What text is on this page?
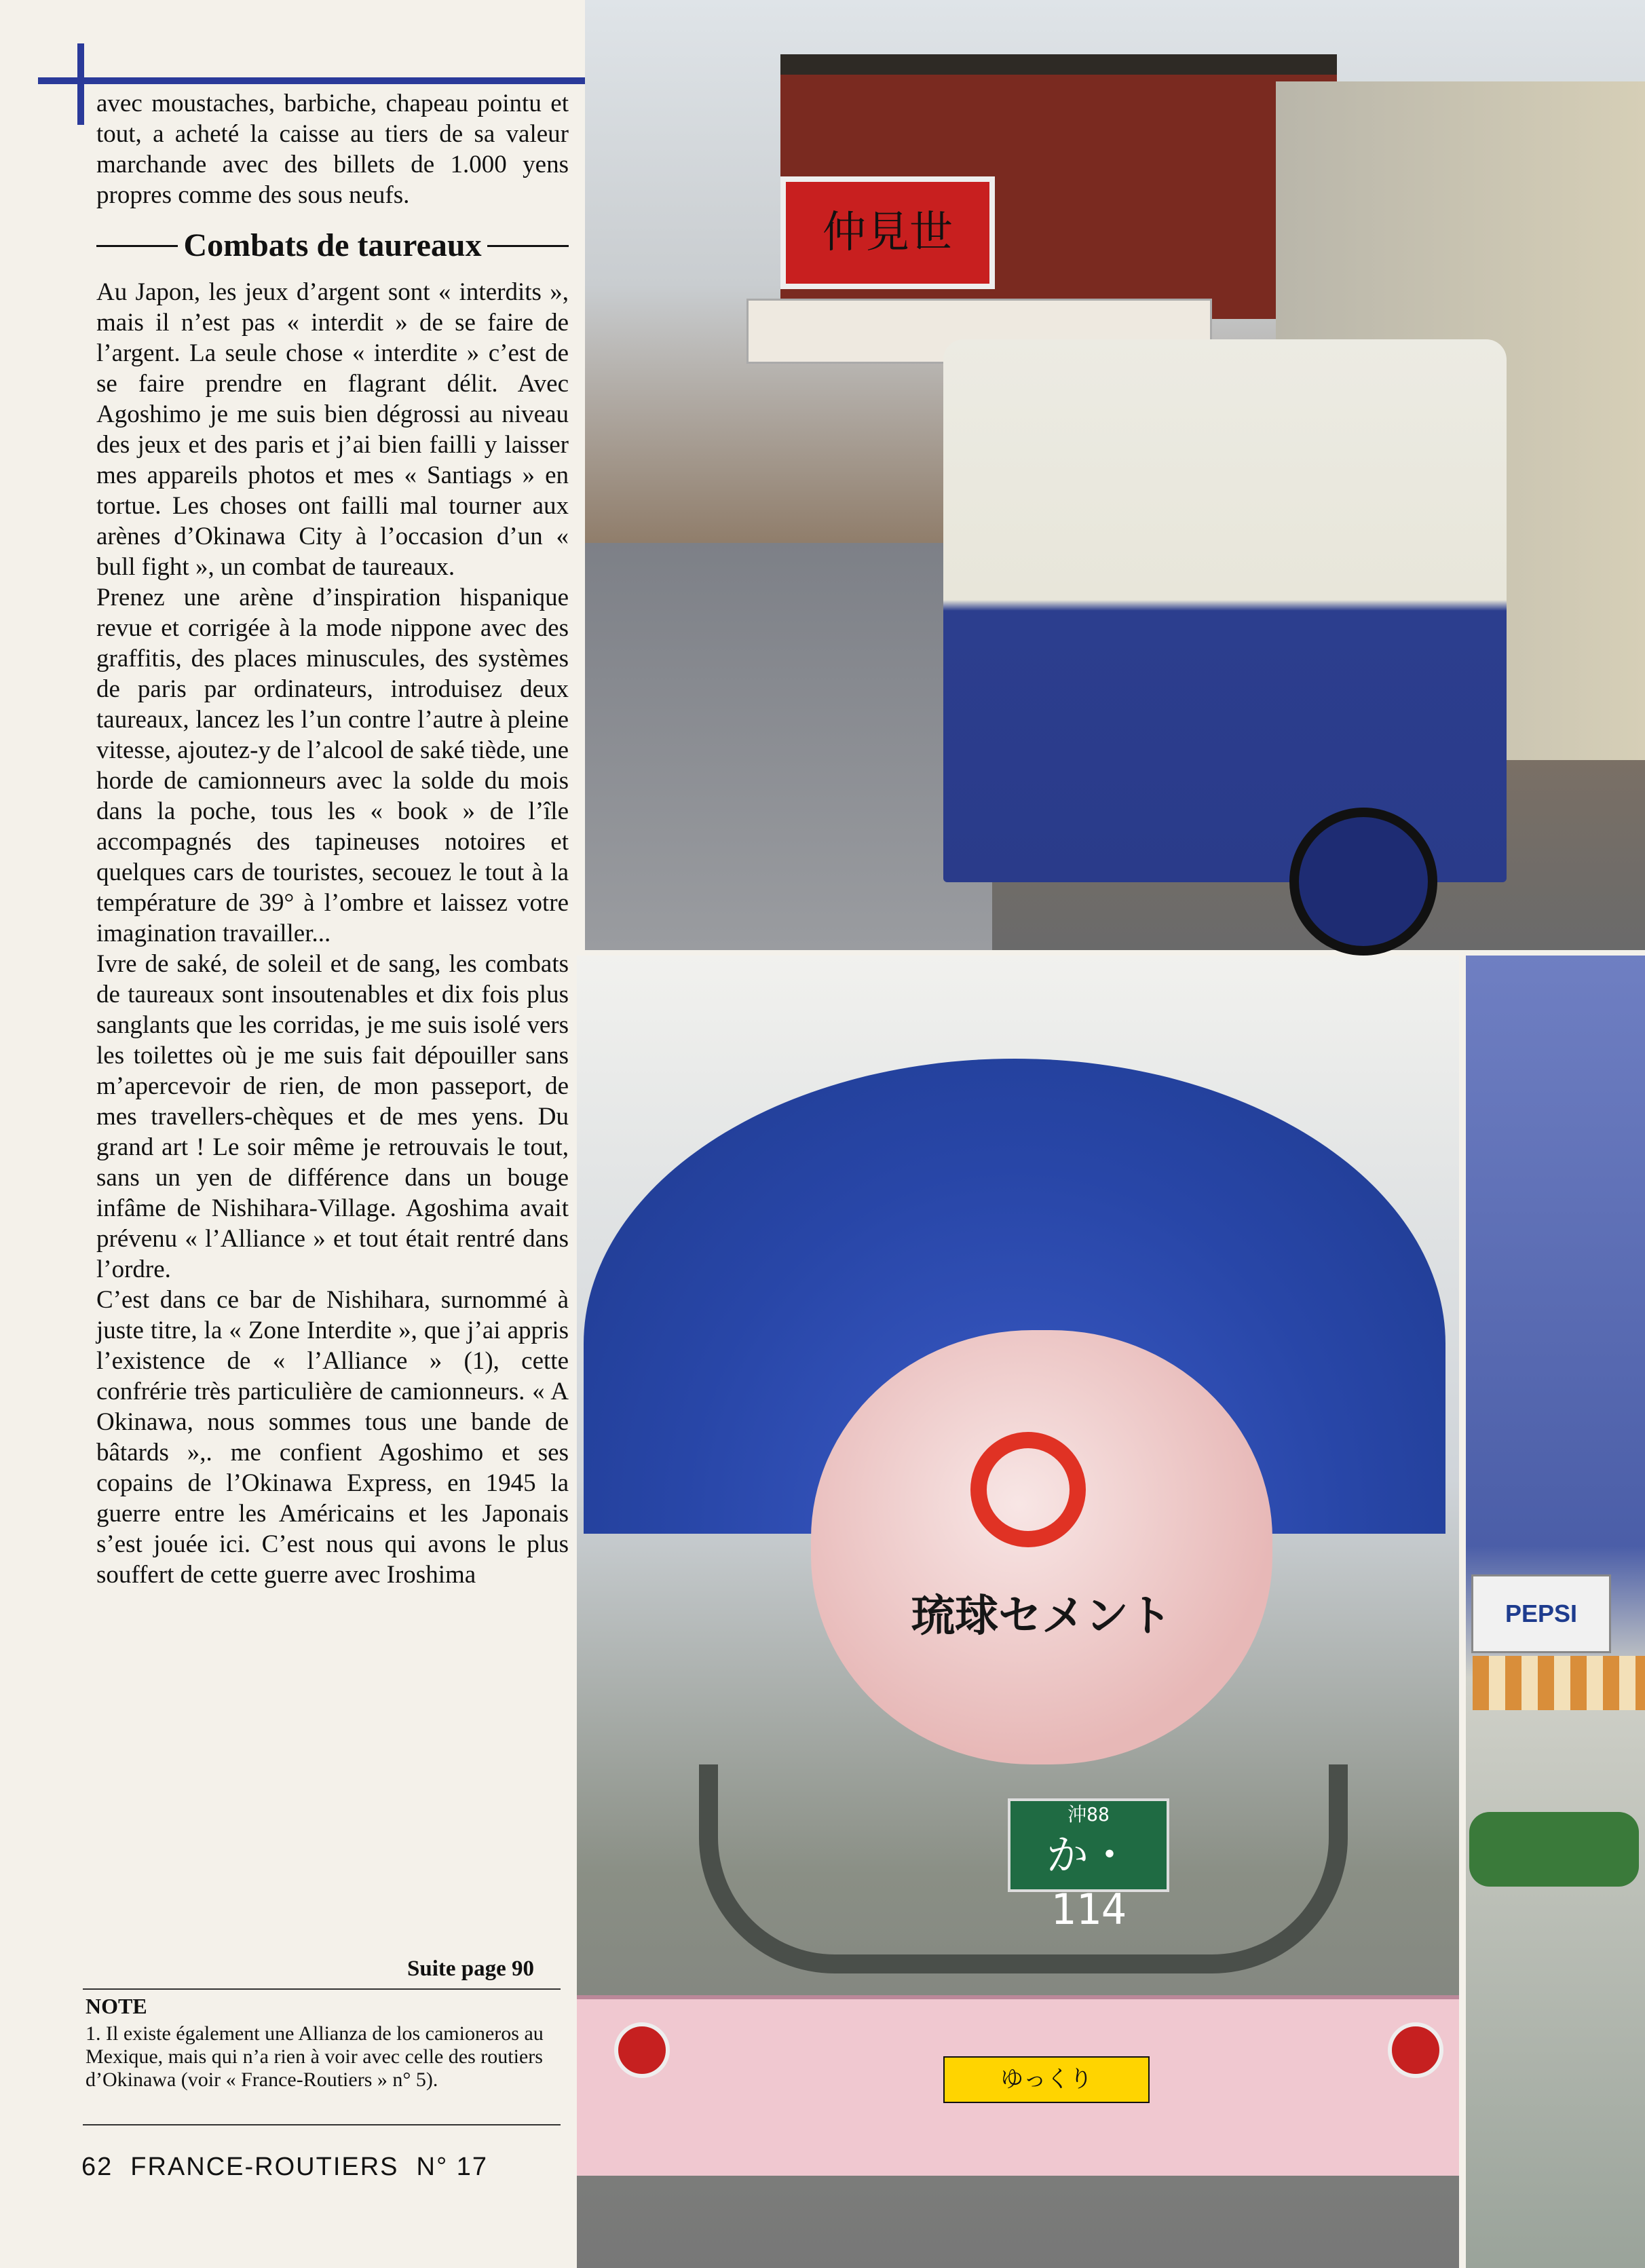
avec moustaches, barbiche, chapeau pointu et tout, a acheté la caisse au tiers de sa valeur marchande avec des billets de 1.000 yens propres comme des sous neufs.

Combats de taureaux

Au Japon, les jeux d’argent sont « interdits », mais il n’est pas « interdit » de se faire de l’argent. La seule chose « interdite » c’est de se faire prendre en flagrant délit. Avec Agoshimo je me suis bien dégrossi au niveau des jeux et des paris et j’ai bien failli y laisser mes appareils photos et mes « Santiags » en tortue. Les choses ont failli mal tourner aux arènes d’Okinawa City à l’occasion d’un « bull fight », un combat de taureaux.

Prenez une arène d’inspiration hispanique revue et corrigée à la mode nippone avec des graffitis, des places minuscules, des systèmes de paris par ordinateurs, introduisez deux taureaux, lancez les l’un contre l’autre à pleine vitesse, ajoutez-y de l’alcool de saké tiède, une horde de camionneurs avec la solde du mois dans la poche, tous les « book » de l’île accompagnés des tapineuses notoires et quelques cars de touristes, secouez le tout à la température de 39° à l’ombre et laissez votre imagination travailler...

Ivre de saké, de soleil et de sang, les combats de taureaux sont insoutenables et dix fois plus sanglants que les corridas, je me suis isolé vers les toilettes où je me suis fait dépouiller sans m’apercevoir de rien, de mon passeport, de mes travellers-chèques et de mes yens. Du grand art ! Le soir même je retrouvais le tout, sans un yen de différence dans un bouge infâme de Nishihara-Village. Agoshima avait prévenu « l’Alliance » et tout était rentré dans l’ordre.

C’est dans ce bar de Nishihara, surnommé à juste titre, la « Zone Interdite », que j’ai appris l’existence de « l’Alliance » (1), cette confrérie très particulière de camionneurs. « A Okinawa, nous sommes tous une bande de bâtards »,. me confient Agoshimo et ses copains de l’Okinawa Express, en 1945 la guerre entre les Américains et les Japonais s’est jouée ici. C’est nous qui avons le plus souffert de cette guerre avec Iroshima

Suite page 90
NOTE
1. Il existe également une Allianza de los camioneros au Mexique, mais qui n’a rien à voir avec celle des routiers d’Okinawa (voir « France-Routiers » n° 5).
62 FRANCE-ROUTIERS N° 17
仲見世
琉球セメント
沖88
か・114
ゆっくり
PEPSI
